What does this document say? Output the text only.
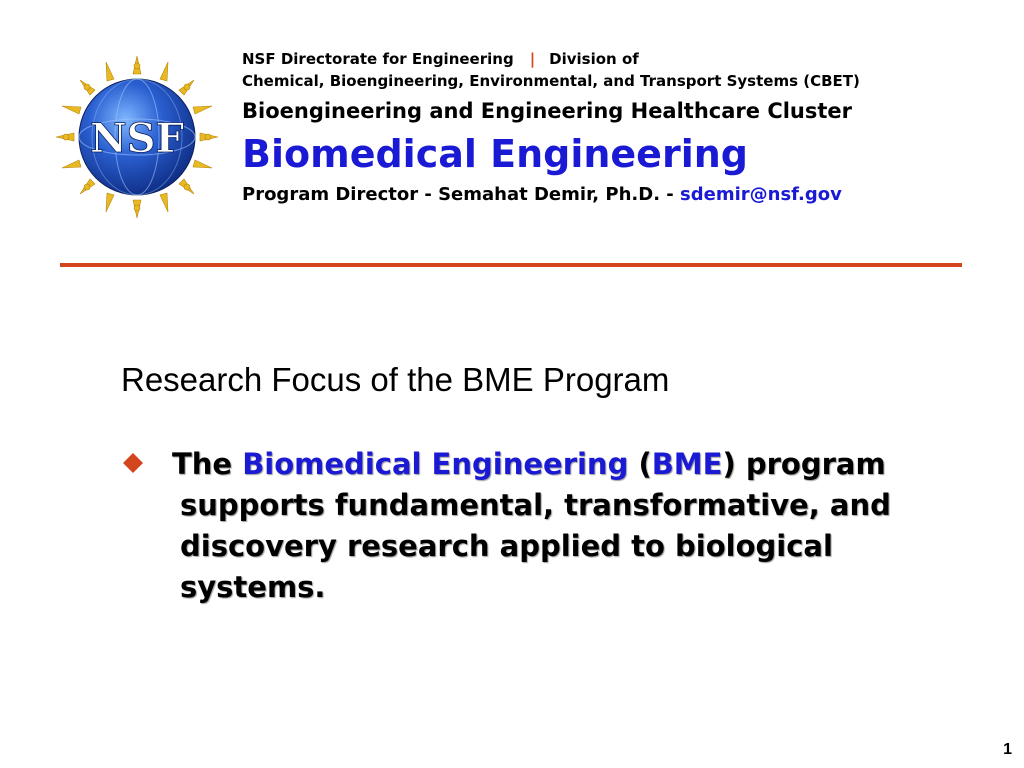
NSF
NSF Directorate for Engineering | Division of
Chemical, Bioengineering, Environmental, and Transport Systems (CBET)
Bioengineering and Engineering Healthcare Cluster
Biomedical Engineering
Program Director - Semahat Demir, Ph.D. - sdemir@nsf.gov
Research Focus of the BME Program
The Biomedical Engineering (BME) program supports fundamental, transformative, and discovery research applied to biological systems.
1
